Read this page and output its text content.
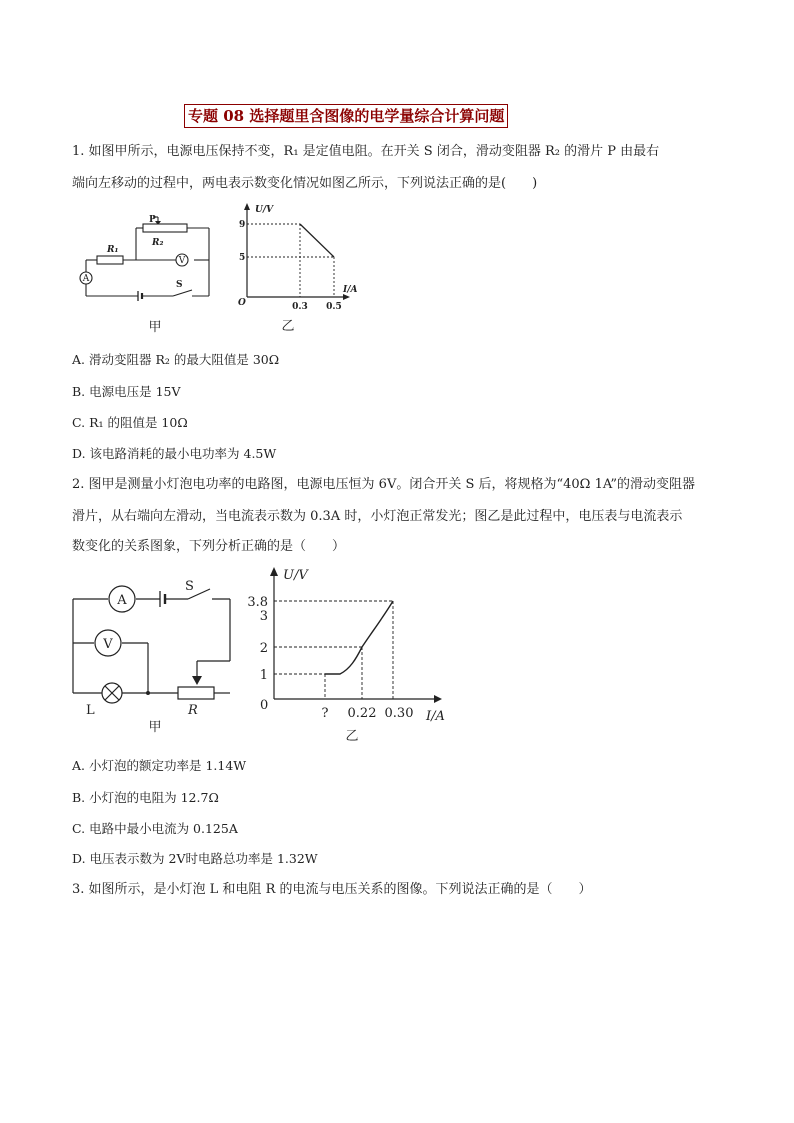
专题 08 选择题里含图像的电学量综合计算问题
1. 如图甲所示，电源电压保持不变，R₁ 是定值电阻。在开关 S 闭合，滑动变阻器 R₂ 的滑片 P 由最右
端向左移动的过程中，两电表示数变化情况如图乙所示，下列说法正确的是(　　)
A
V
P
R₂
R₁
S
甲
U/V
I/A
O
9
5
0.3 0.5
乙
A. 滑动变阻器 R₂ 的最大阻值是 30Ω
B. 电源电压是 15V
C. R₁ 的阻值是 10Ω
D. 该电路消耗的最小电功率为 4.5W
2. 图甲是测量小灯泡电功率的电路图，电源电压恒为 6V。闭合开关 S 后，将规格为“40Ω 1A”的滑动变阻器
滑片，从右端向左滑动，当电流表示数为 0.3A 时，小灯泡正常发光；图乙是此过程中，电压表与电流表示
数变化的关系图象，下列分析正确的是（　　）
A
V
S
L	R
甲
U/V
I/A
0
3.8
3
2
1
? 0.22 0.30
乙
A. 小灯泡的额定功率是 1.14W
B. 小灯泡的电阻为 12.7Ω
C. 电路中最小电流为 0.125A
D. 电压表示数为 2V时电路总功率是 1.32W
3. 如图所示，是小灯泡 L 和电阻 R 的电流与电压关系的图像。下列说法正确的是（　　）
